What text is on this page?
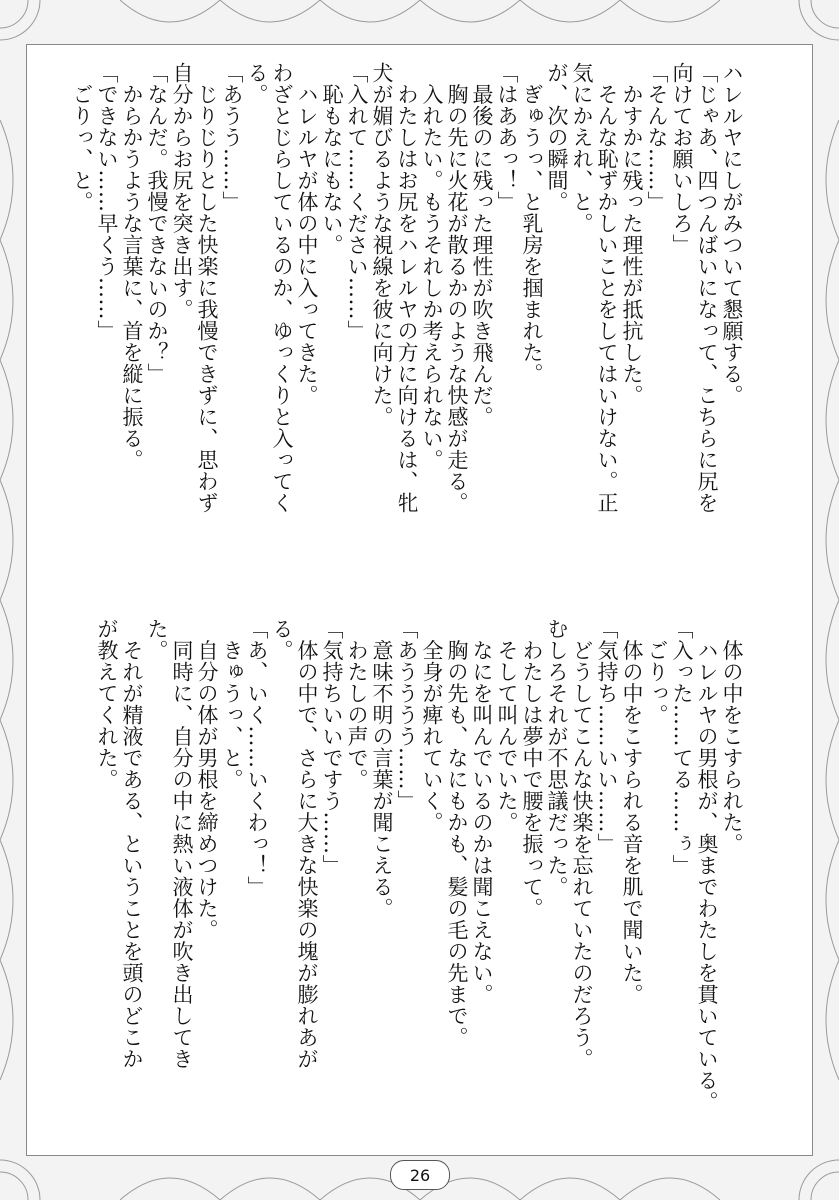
ハレルヤにしがみついて懇願する。
「じゃあ、四つんばいになって、こちらに尻を
向けてお願いしろ」
「そんな……」
　かすかに残った理性が抵抗した。
　そんな恥ずかしいことをしてはいけない。正
気にかえれ、と。
が、次の瞬間。
　ぎゅうっ、と乳房を掴まれた。
「はああっ！」
　最後のに残った理性が吹き飛んだ。
　胸の先に火花が散るかのような快感が走る。
　入れたい。もうそれしか考えられない。
　わたしはお尻をハレルヤの方に向けるは、牝
犬が媚びるような視線を彼に向けた。
「入れて……ください……」
　恥もなにもない。
　ハレルヤが体の中に入ってきた。
わざとじらしているのか、ゆっくりと入ってく
る。
「あうう……」
　じりじりとした快楽に我慢できずに、思わず
自分からお尻を突き出す。
「なんだ。我慢できないのか？」
　からかうような言葉に、首を縦に振る。
「できない……早くう……」
　ごりっ、と。
　体の中をこすられた。
　ハレルヤの男根が、奥までわたしを貫いている。
「入った……てる……ぅ」
　ごりっ。
　体の中をこすられる音を肌で聞いた。
「気持ち……いい……」
　どうしてこんな快楽を忘れていたのだろう。
むしろそれが不思議だった。
　わたしは夢中で腰を振って。
　そして叫んでいた。
　なにを叫んでいるのかは聞こえない。
　胸の先も、なにもかも、髪の毛の先まで。
　全身が痺れていく。
「あうううう……」
　意味不明の言葉が聞こえる。
　わたしの声で。
「気持ちいいですう……」
　体の中で、さらに大きな快楽の塊が膨れあが
る。
「あ、いく……いくわっ！」
　きゅうっ、と。
　自分の体が男根を締めつけた。
　同時に、自分の中に熱い液体が吹き出してき
た。
　それが精液である、ということを頭のどこか
が教えてくれた。
26
